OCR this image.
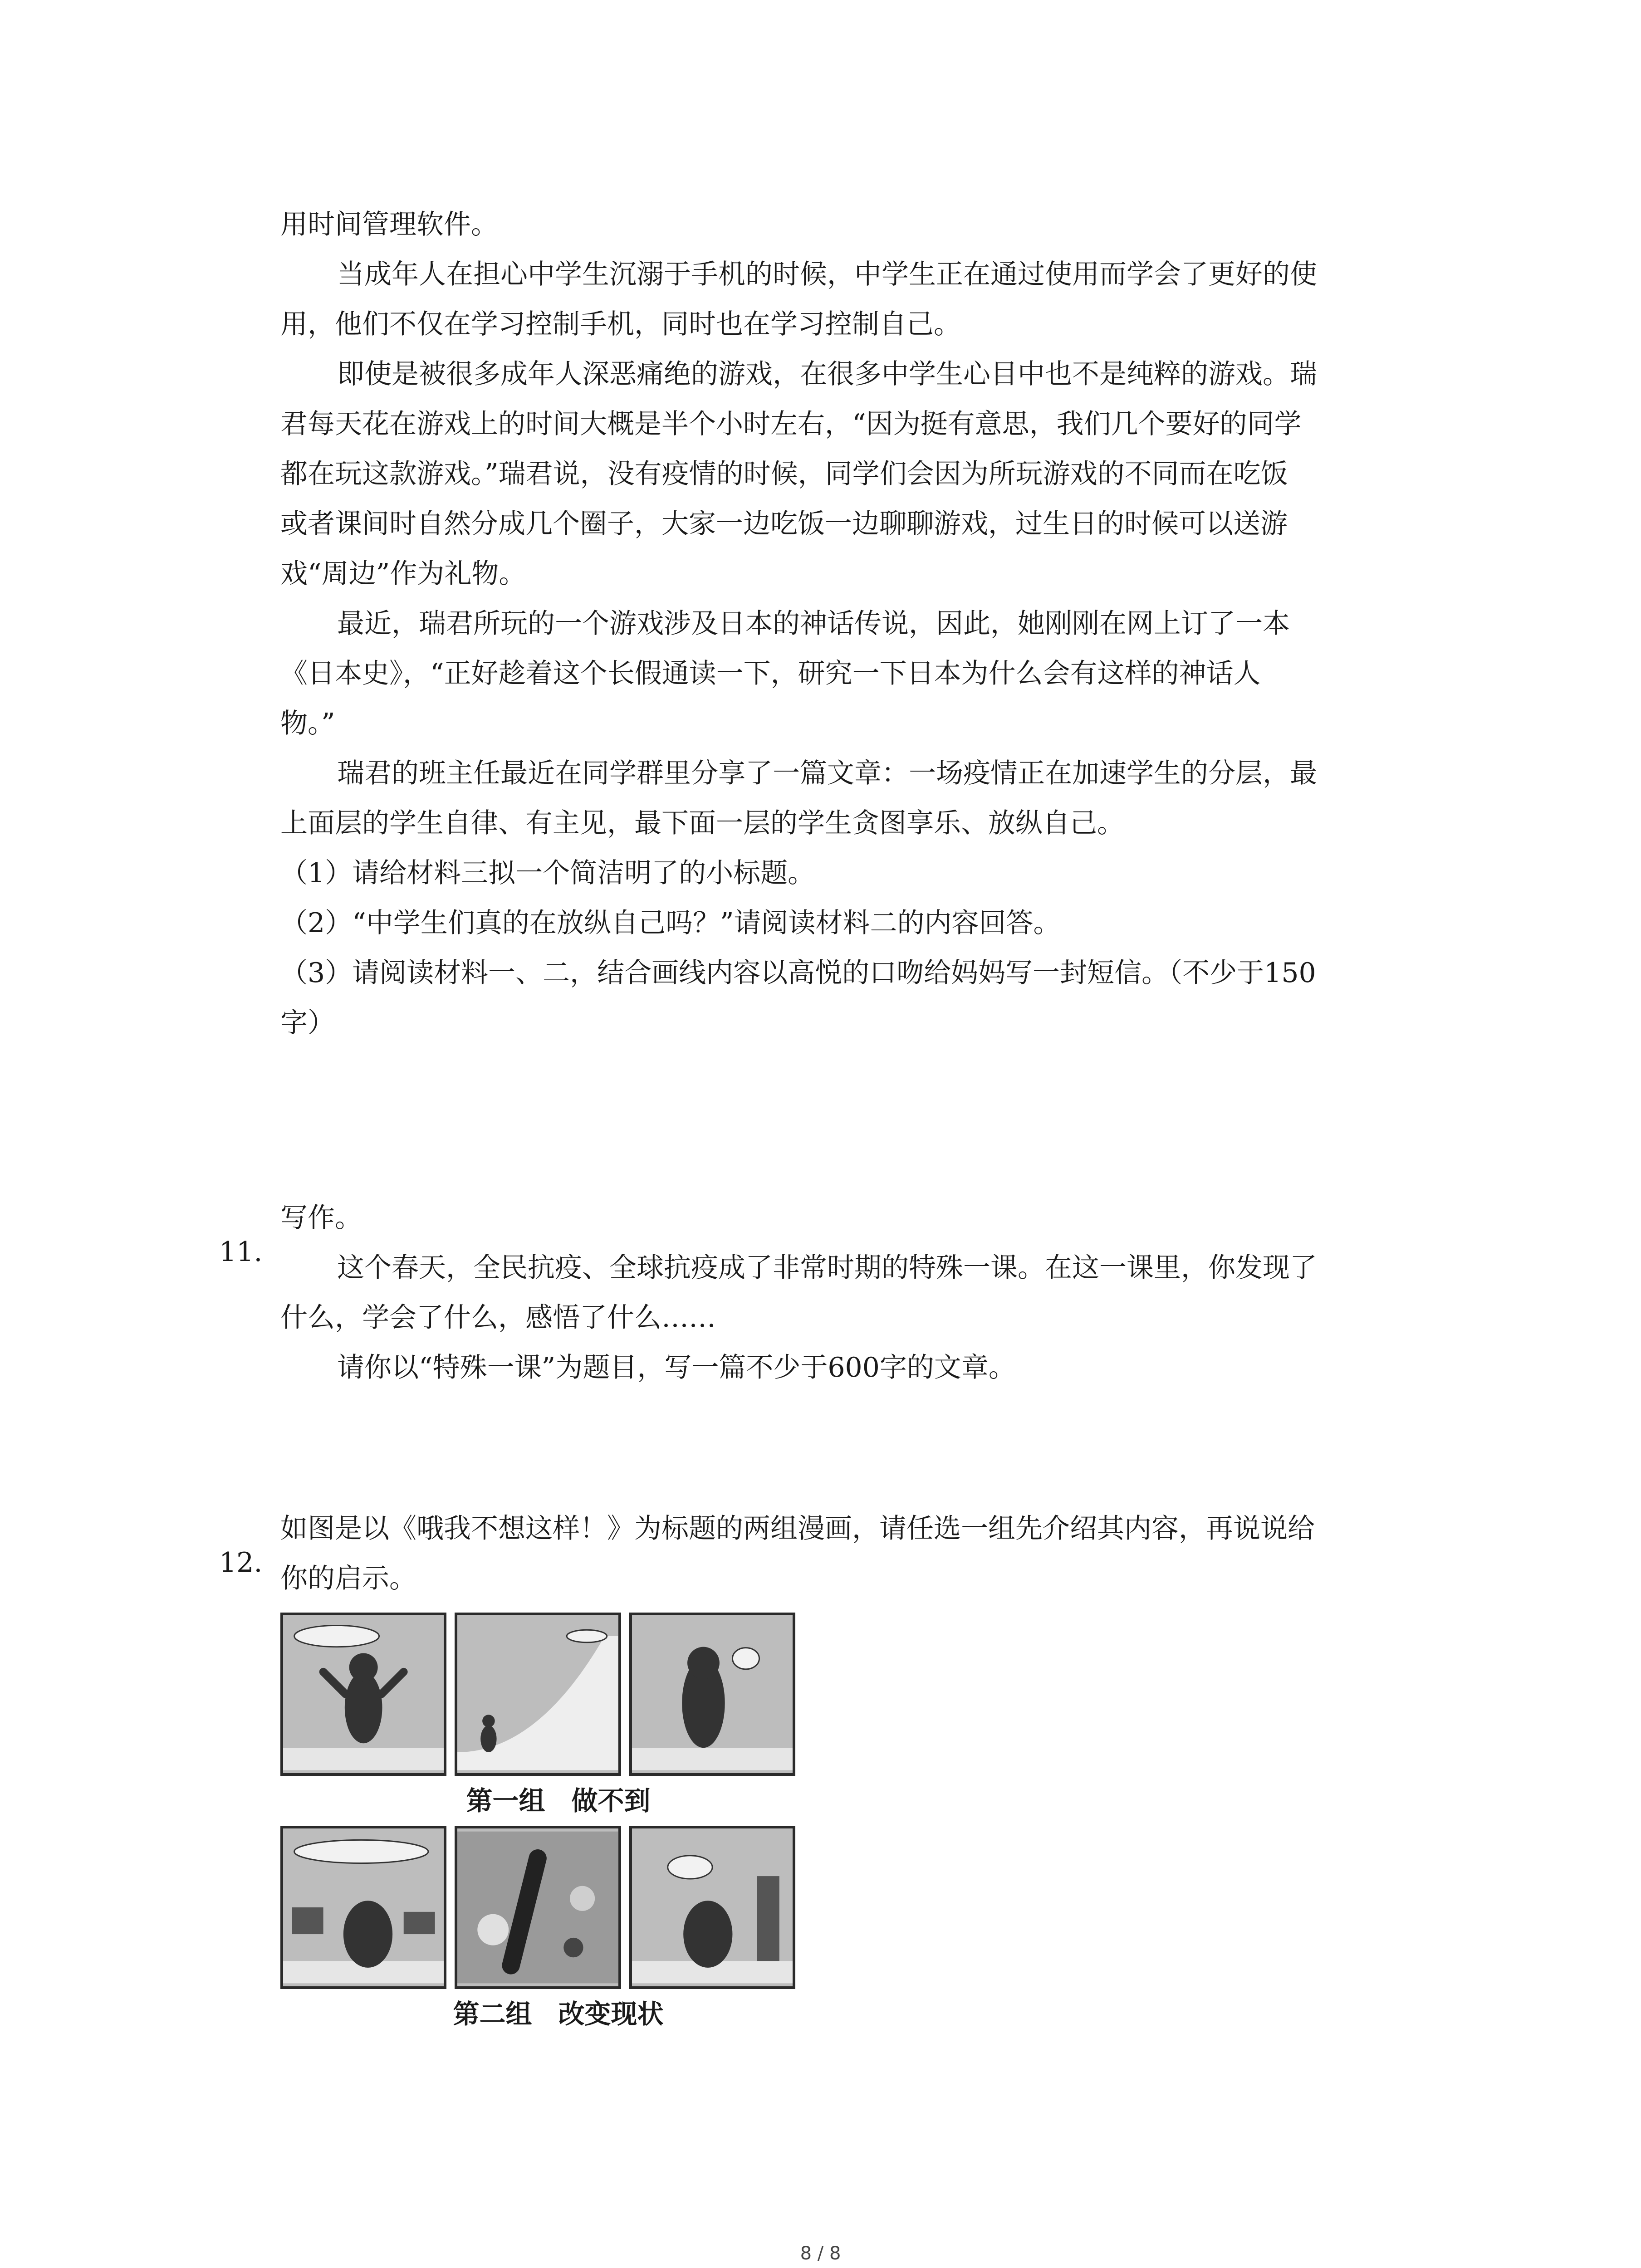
用时间管理软件。

当成年人在担心中学生沉溺于手机的时候，中学生正在通过使用而学会了更好的使

用，他们不仅在学习控制手机，同时也在学习控制自己。

即使是被很多成年人深恶痛绝的游戏，在很多中学生心目中也不是纯粹的游戏。瑞

君每天花在游戏上的时间大概是半个小时左右，“因为挺有意思，我们几个要好的同学

都在玩这款游戏。”瑞君说，没有疫情的时候，同学们会因为所玩游戏的不同而在吃饭

或者课间时自然分成几个圈子，大家一边吃饭一边聊聊游戏，过生日的时候可以送游

戏“周边”作为礼物。

最近，瑞君所玩的一个游戏涉及日本的神话传说，因此，她刚刚在网上订了一本

《日本史》，“正好趁着这个长假通读一下，研究一下日本为什么会有这样的神话人

物。”

瑞君的班主任最近在同学群里分享了一篇文章：一场疫情正在加速学生的分层，最

上面层的学生自律、有主见，最下面一层的学生贪图享乐、放纵自己。

（1）请给材料三拟一个简洁明了的小标题。

（2）“中学生们真的在放纵自己吗？”请阅读材料二的内容回答。

（3）请阅读材料一、二，结合画线内容以高悦的口吻给妈妈写一封短信。（不少于150

字）

11.
写作。

这个春天，全民抗疫、全球抗疫成了非常时期的特殊一课。在这一课里，你发现了

什么，学会了什么，感悟了什么……

请你以“特殊一课”为题目，写一篇不少于600字的文章。

12.
如图是以《哦我不想这样！》为标题的两组漫画，请任选一组先介绍其内容，再说说给

你的启示。

第一组　做不到
第二组　改变现状
8 / 8
